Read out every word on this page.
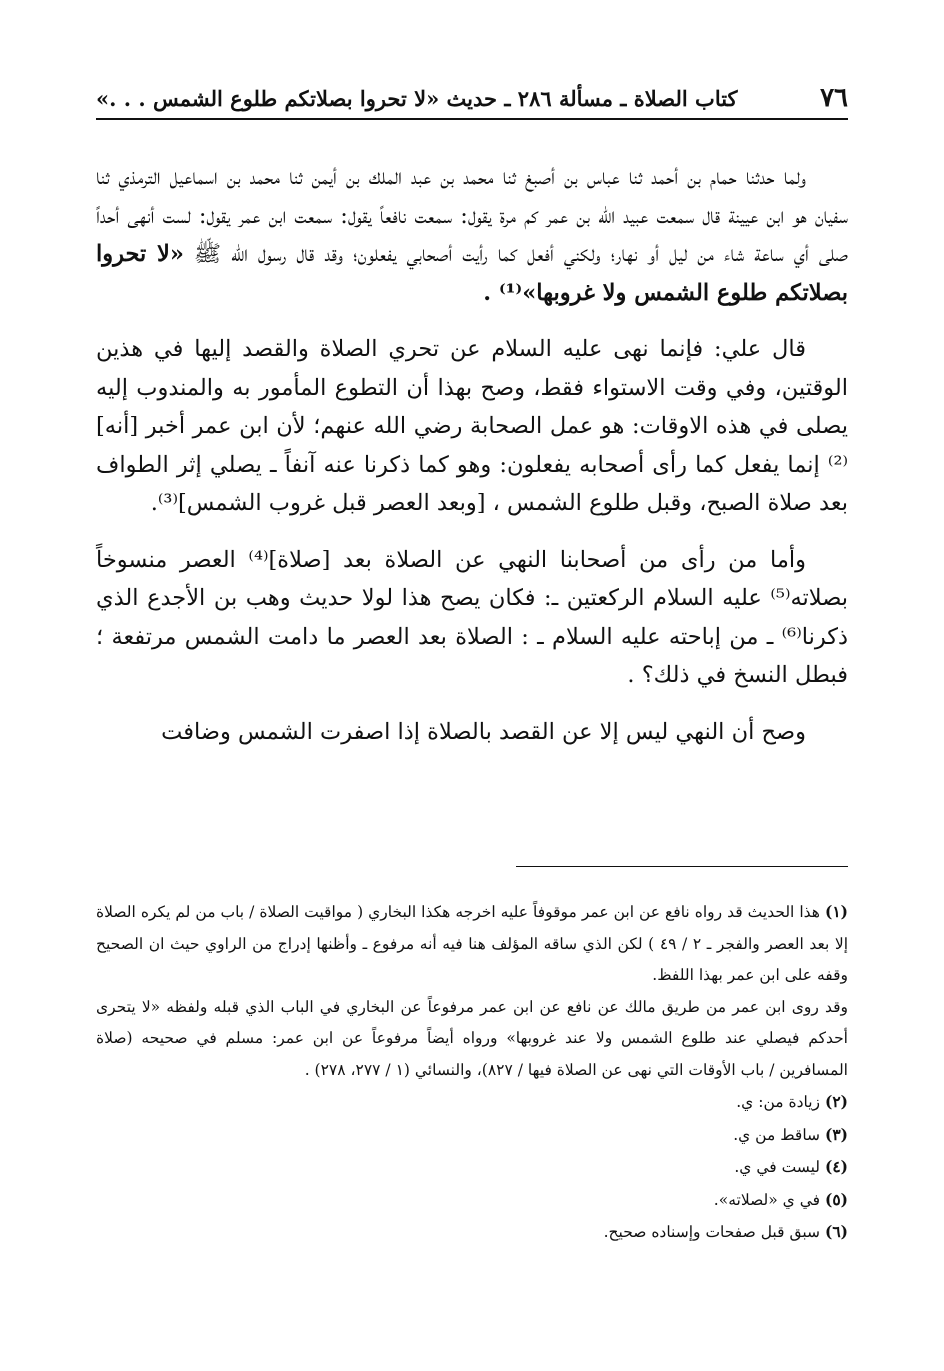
٧٦
كتاب الصلاة ـ مسألة ٢٨٦ ـ حديث «لا تحروا بصلاتكم طلوع الشمس . . .»

ولما حدثنا حمام بن أحمد ثنا عباس بن أصبغ ثنا محمد بن عبد الملك بن أيمن ثنا محمد بن اسماعيل الترمذي ثنا سفيان هو ابن عيينة قال سمعت عبيد الله بن عمر كم مرة يقول: سمعت نافعاً يقول: سمعت ابن عمر يقول: لست أنهى أحداً صلى أي ساعة شاء من ليل أو نهار؛ ولكني أفعل كما رأيت أصحابي يفعلون؛ وقد قال رسول الله ﷺ «لا تحروا بصلاتكم طلوع الشمس ولا غروبها»⁽¹⁾ .

قال علي: فإنما نهى عليه السلام عن تحري الصلاة والقصد إليها في هذين الوقتين، وفي وقت الاستواء فقط، وصح بهذا أن التطوع المأمور به والمندوب إليه يصلى في هذه الاوقات: هو عمل الصحابة رضي الله عنهم؛ لأن ابن عمر أخبر [أنه]⁽²⁾ إنما يفعل كما رأى أصحابه يفعلون: وهو كما ذكرنا عنه آنفاً ـ يصلي إثر الطواف بعد صلاة الصبح، وقبل طلوع الشمس ، [وبعد العصر قبل غروب الشمس]⁽³⁾.

وأما من رأى من أصحابنا النهي عن الصلاة بعد [صلاة]⁽⁴⁾ العصر منسوخاً بصلاته⁽⁵⁾ عليه السلام الركعتين ـ: فكان يصح هذا لولا حديث وهب بن الأجدع الذي ذكرنا⁽⁶⁾ ـ من إباحته عليه السلام ـ : الصلاة بعد العصر ما دامت الشمس مرتفعة ؛ فبطل النسخ في ذلك؟ .

وصح أن النهي ليس إلا عن القصد بالصلاة إذا اصفرت الشمس وضافت

(١) هذا الحديث قد رواه نافع عن ابن عمر موقوفاً عليه اخرجه هكذا البخاري ( مواقيت الصلاة / باب من لم يكره الصلاة إلا بعد العصر والفجر ـ ٢ / ٤٩ ) لكن الذي ساقه المؤلف هنا فيه أنه مرفوع ـ وأظنها إدراج من الراوي حيث ان الصحيح وقفه على ابن عمر بهذا اللفظ.

وقد روى ابن عمر من طريق مالك عن نافع عن ابن عمر مرفوعاً عن البخاري في الباب الذي قبله ولفظه «لا يتحرى أحدكم فيصلي عند طلوع الشمس ولا عند غروبها» ورواه أيضاً مرفوعاً عن ابن عمر: مسلم في صحيحه (صلاة المسافرين / باب الأوقات التي نهى عن الصلاة فيها / ٨٢٧)، والنسائي (١ / ٢٧٧، ٢٧٨) .

(٢) زيادة من: ي.

(٣) ساقط من ي.

(٤) ليست في ي.

(٥) في ي «لصلاته».

(٦) سبق قبل صفحات وإسناده صحيح.
